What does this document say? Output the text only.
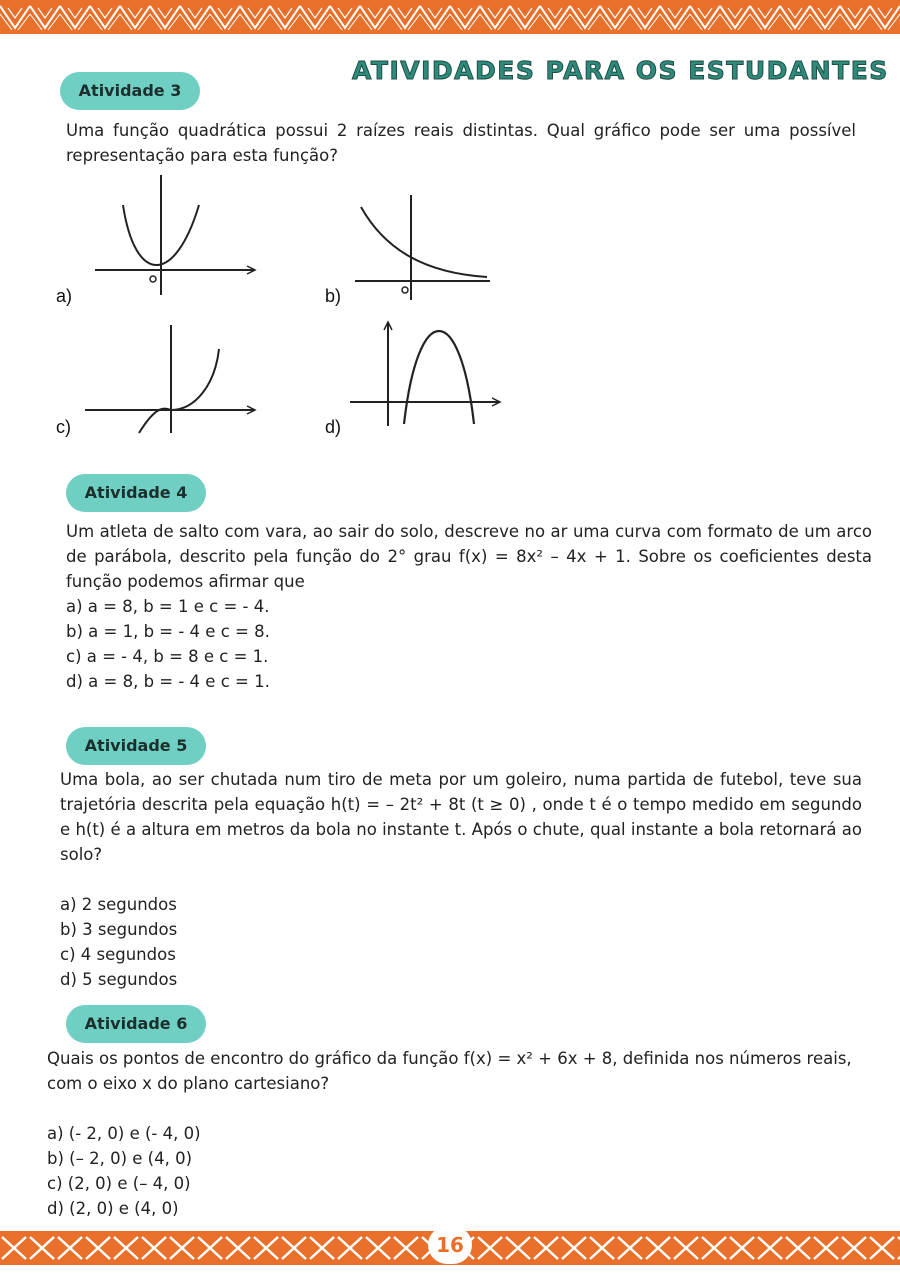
ATIVIDADES PARA OS ESTUDANTES
Atividade 3
Uma função quadrática possui 2 raízes reais distintas. Qual gráfico pode ser uma possível representação para esta função?
a)	b)
c)	d)
Atividade 4
Um atleta de salto com vara, ao sair do solo, descreve no ar uma curva com formato de um arco de parábola, descrito pela função do 2° grau f(x) = 8x² – 4x + 1. Sobre os coeficientes desta função podemos afirmar que
a) a = 8, b = 1 e c = - 4.
b) a = 1, b = - 4 e c = 8.
c) a = - 4, b = 8 e c = 1.
d) a = 8, b = - 4 e c = 1.
Atividade 5
Uma bola, ao ser chutada num tiro de meta por um goleiro, numa partida de futebol, teve sua trajetória descrita pela equação h(t) = – 2t² + 8t (t ≥ 0) , onde t é o tempo medido em segundo e h(t) é a altura em metros da bola no instante t. Após o chute, qual instante a bola retornará ao solo?
a) 2 segundos
b) 3 segundos
c) 4 segundos
d) 5 segundos
Atividade 6
Quais os pontos de encontro do gráfico da função f(x) = x² + 6x + 8, definida nos números reais, com o eixo x do plano cartesiano?
a) (- 2, 0) e (- 4, 0)
b) (– 2, 0) e (4, 0)
c) (2, 0) e (– 4, 0)
d) (2, 0) e (4, 0)
16
